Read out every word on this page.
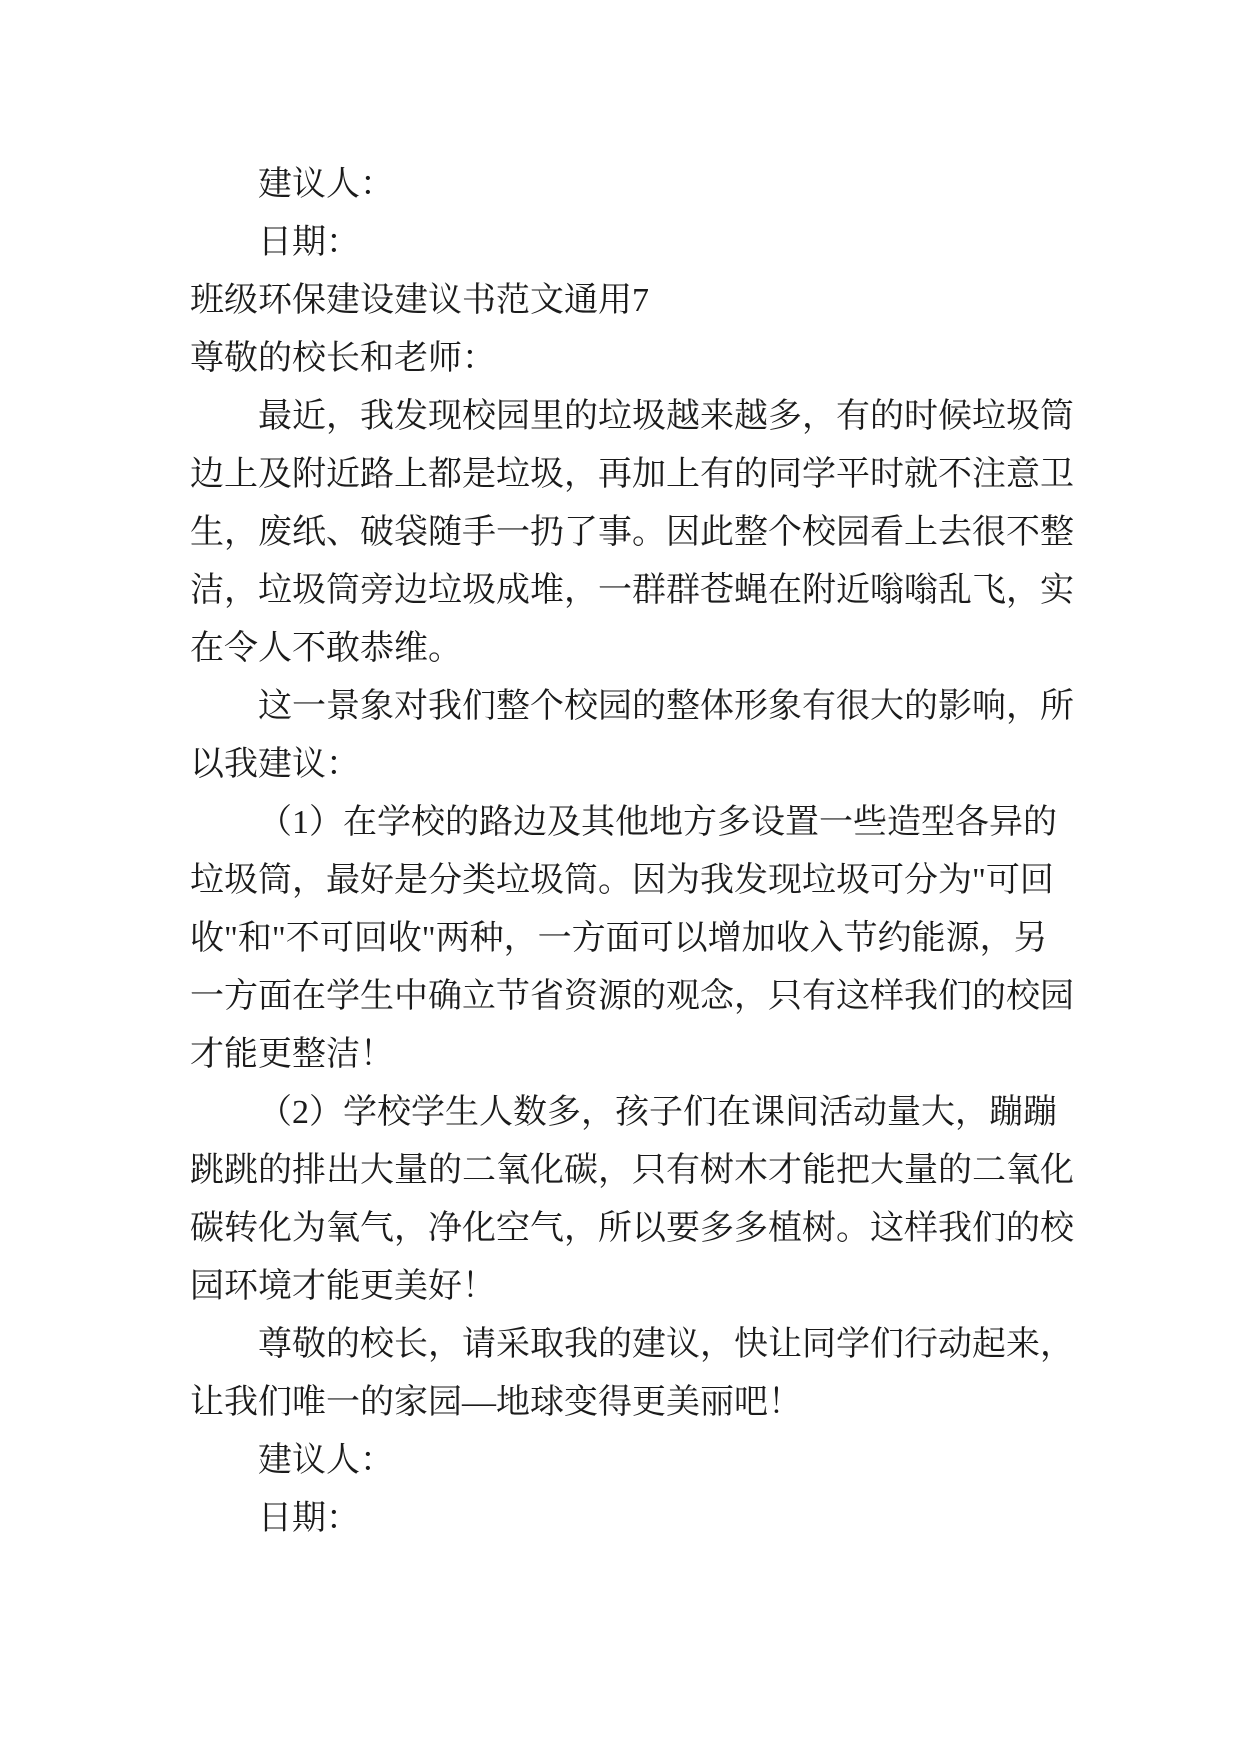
建议人：
日期：
班级环保建设建议书范文通用7
尊敬的校长和老师：
最近，我发现校园里的垃圾越来越多，有的时候垃圾筒
边上及附近路上都是垃圾，再加上有的同学平时就不注意卫
生，废纸、破袋随手一扔了事。因此整个校园看上去很不整
洁，垃圾筒旁边垃圾成堆，一群群苍蝇在附近嗡嗡乱飞，实
在令人不敢恭维。
这一景象对我们整个校园的整体形象有很大的影响，所
以我建议：
（1）在学校的路边及其他地方多设置一些造型各异的
垃圾筒，最好是分类垃圾筒。因为我发现垃圾可分为"可回
收"和"不可回收"两种，一方面可以增加收入节约能源，另
一方面在学生中确立节省资源的观念，只有这样我们的校园
才能更整洁！
（2）学校学生人数多，孩子们在课间活动量大，蹦蹦
跳跳的排出大量的二氧化碳，只有树木才能把大量的二氧化
碳转化为氧气，净化空气，所以要多多植树。这样我们的校
园环境才能更美好！
尊敬的校长，请采取我的建议，快让同学们行动起来，
让我们唯一的家园—地球变得更美丽吧！
建议人：
日期：
